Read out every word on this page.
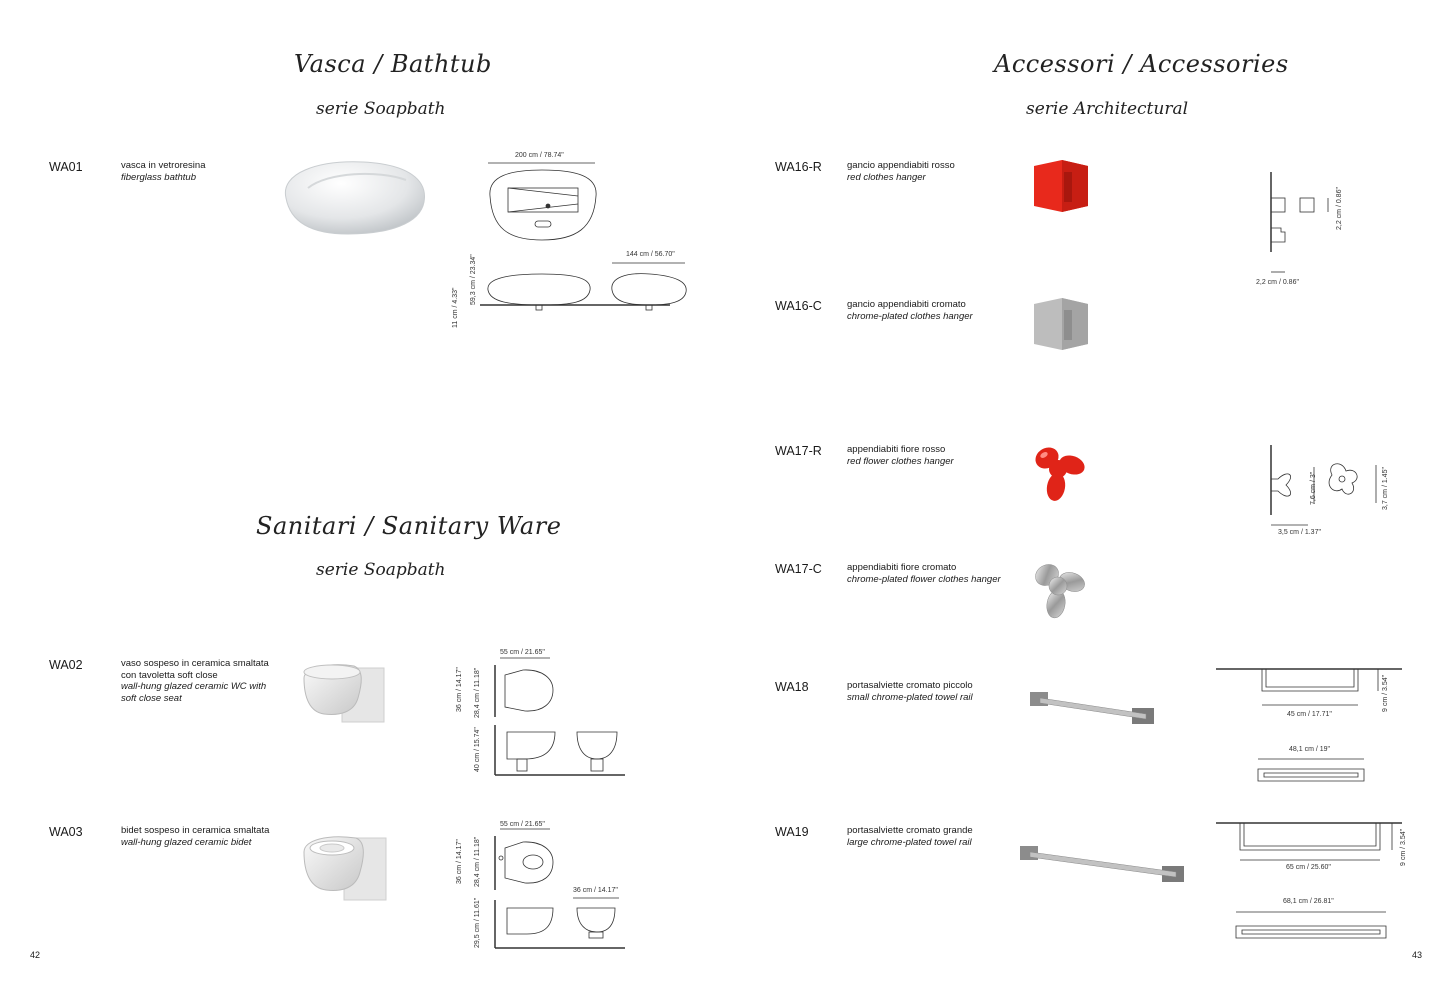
Vasca / Bathtub
serie Soapbath
WA01	vasca in vetroresina
fiberglass bathtub
200 cm / 78.74"
144 cm / 56.70"
59,3 cm / 23.34"
11 cm / 4.33"
Sanitari / Sanitary Ware
serie Soapbath
WA02	vaso sospeso in ceramica smaltata con tavoletta soft close
wall-hung glazed ceramic WC with soft close seat
55 cm / 21.65"
36 cm / 14.17" 28,4 cm / 11.18"
40 cm / 15.74"
WA03	bidet sospeso in ceramica smaltata
wall-hung glazed ceramic bidet
55 cm / 21.65"
36 cm / 14.17" 28,4 cm / 11.18"
29,5 cm / 11.61"
36 cm / 14.17"
42
Accessori / Accessories
serie Architectural
WA16-R	gancio appendiabiti rosso
red clothes hanger
2,2 cm / 0.86"
2,2 cm / 0.86"
WA16-C	gancio appendiabiti cromato
chrome-plated clothes hanger
WA17-R	appendiabiti fiore rosso
red flower clothes hanger
7,6 cm / 3"	3,7 cm / 1.45"
3,5 cm / 1.37"
WA17-C	appendiabiti fiore cromato
chrome-plated flower clothes hanger
WA18	portasalviette cromato piccolo
small chrome-plated towel rail
45 cm / 17.71"
9 cm / 3.54"
48,1 cm / 19"
WA19	portasalviette cromato grande
large chrome-plated towel rail
65 cm / 25.60"
9 cm / 3.54"
68,1 cm / 26.81"
43
